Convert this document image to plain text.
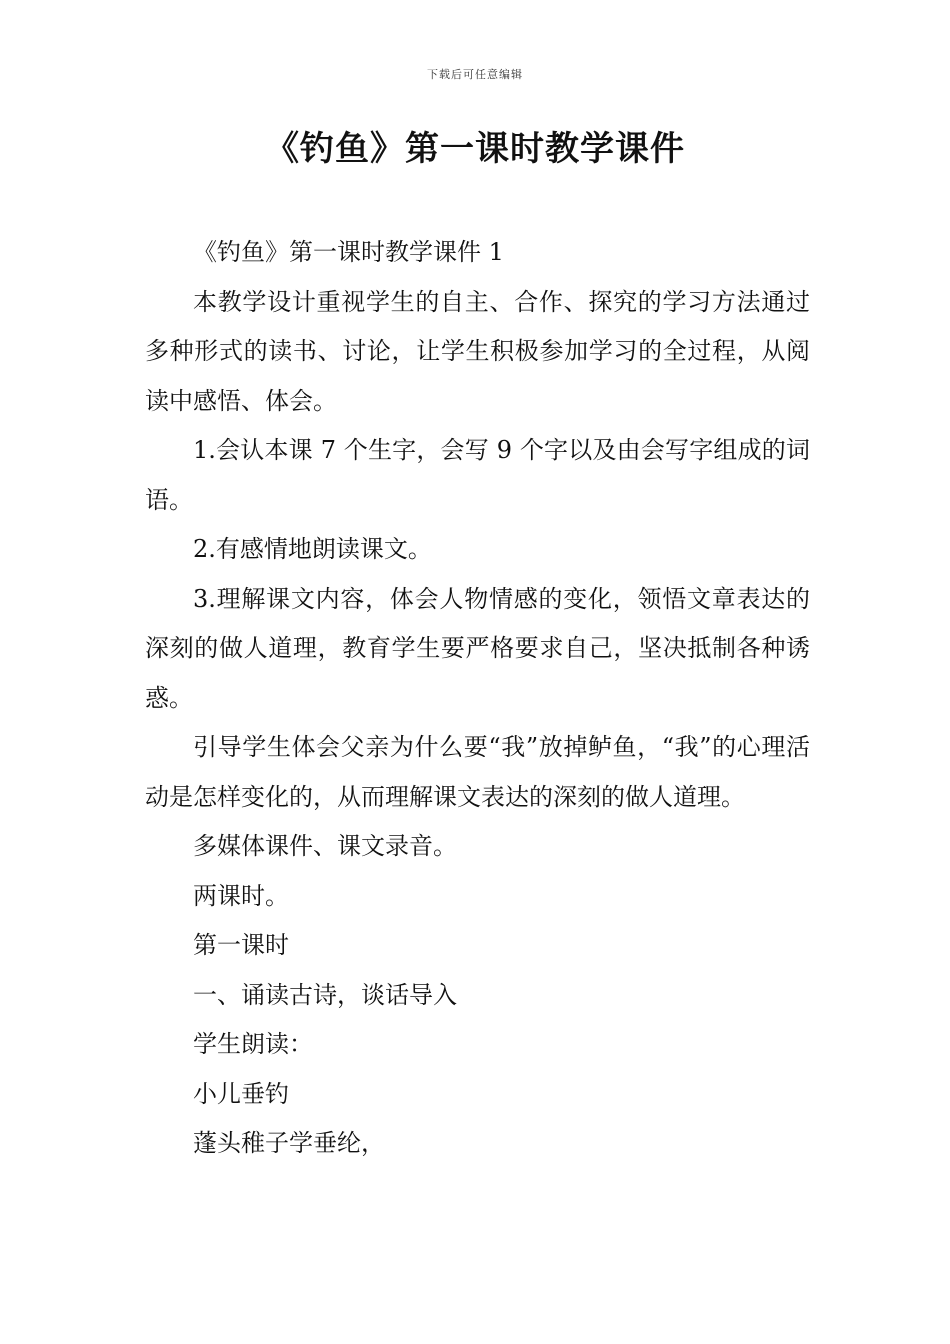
下载后可任意编辑
《钓鱼》第一课时教学课件

《钓鱼》第一课时教学课件 1

本教学设计重视学生的自主、合作、探究的学习方法通过多种形式的读书、讨论，让学生积极参加学习的全过程，从阅读中感悟、体会。

1.会认本课 7 个生字，会写 9 个字以及由会写字组成的词语。

2.有感情地朗读课文。

3.理解课文内容，体会人物情感的变化，领悟文章表达的深刻的做人道理，教育学生要严格要求自己，坚决抵制各种诱惑。

引导学生体会父亲为什么要“我”放掉鲈鱼，“我”的心理活动是怎样变化的，从而理解课文表达的深刻的做人道理。

多媒体课件、课文录音。

两课时。

第一课时

一、诵读古诗，谈话导入

学生朗读：

小儿垂钓

蓬头稚子学垂纶，
